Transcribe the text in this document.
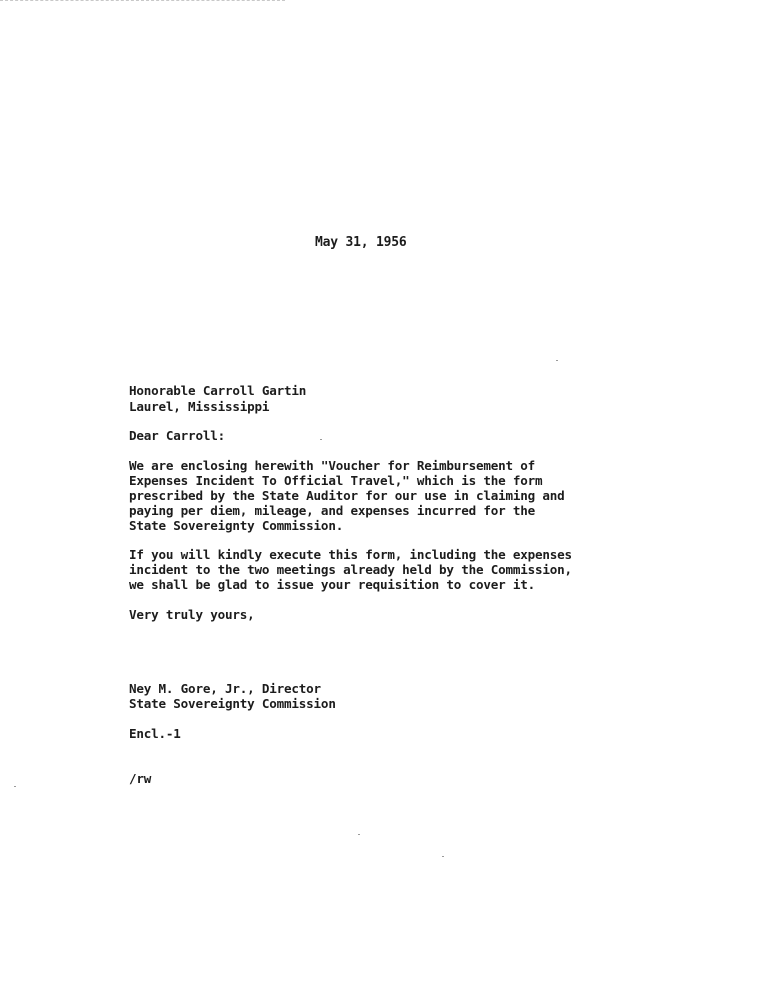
May 31, 1956
Honorable Carroll Gartin
Laurel, Mississippi
Dear Carroll:
We are enclosing herewith "Voucher for Reimbursement of
Expenses Incident To Official Travel," which is the form
prescribed by the State Auditor for our use in claiming and
paying per diem, mileage, and expenses incurred for the
State Sovereignty Commission.
If you will kindly execute this form, including the expenses
incident to the two meetings already held by the Commission,
we shall be glad to issue your requisition to cover it.
Very truly yours,
Ney M. Gore, Jr., Director
State Sovereignty Commission
Encl.-1
/rw
